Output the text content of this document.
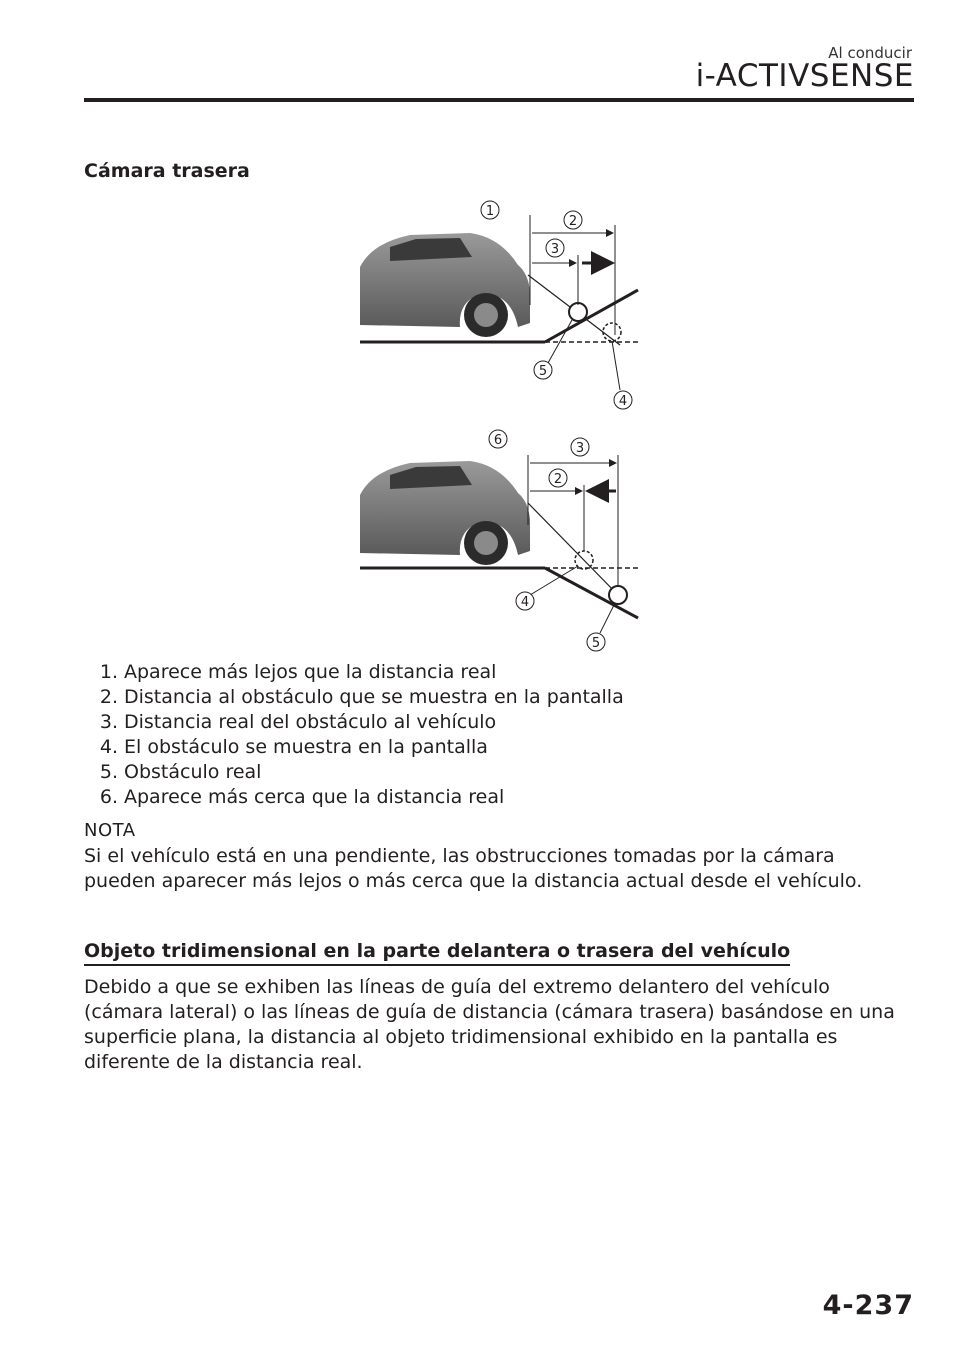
Al conducir
i-ACTIVSENSE
Cámara trasera
1
2
3
4
5
6
3
2
4
5
1. Aparece más lejos que la distancia real
2. Distancia al obstáculo que se muestra en la pantalla
3. Distancia real del obstáculo al vehículo
4. El obstáculo se muestra en la pantalla
5. Obstáculo real
6. Aparece más cerca que la distancia real
NOTA
Si el vehículo está en una pendiente, las obstrucciones tomadas por la cámara pueden aparecer más lejos o más cerca que la distancia actual desde el vehículo.
Objeto tridimensional en la parte delantera o trasera del vehículo
Debido a que se exhiben las líneas de guía del extremo delantero del vehículo (cámara lateral) o las líneas de guía de distancia (cámara trasera) basándose en una superficie plana, la distancia al objeto tridimensional exhibido en la pantalla es diferente de la distancia real.
4-237
